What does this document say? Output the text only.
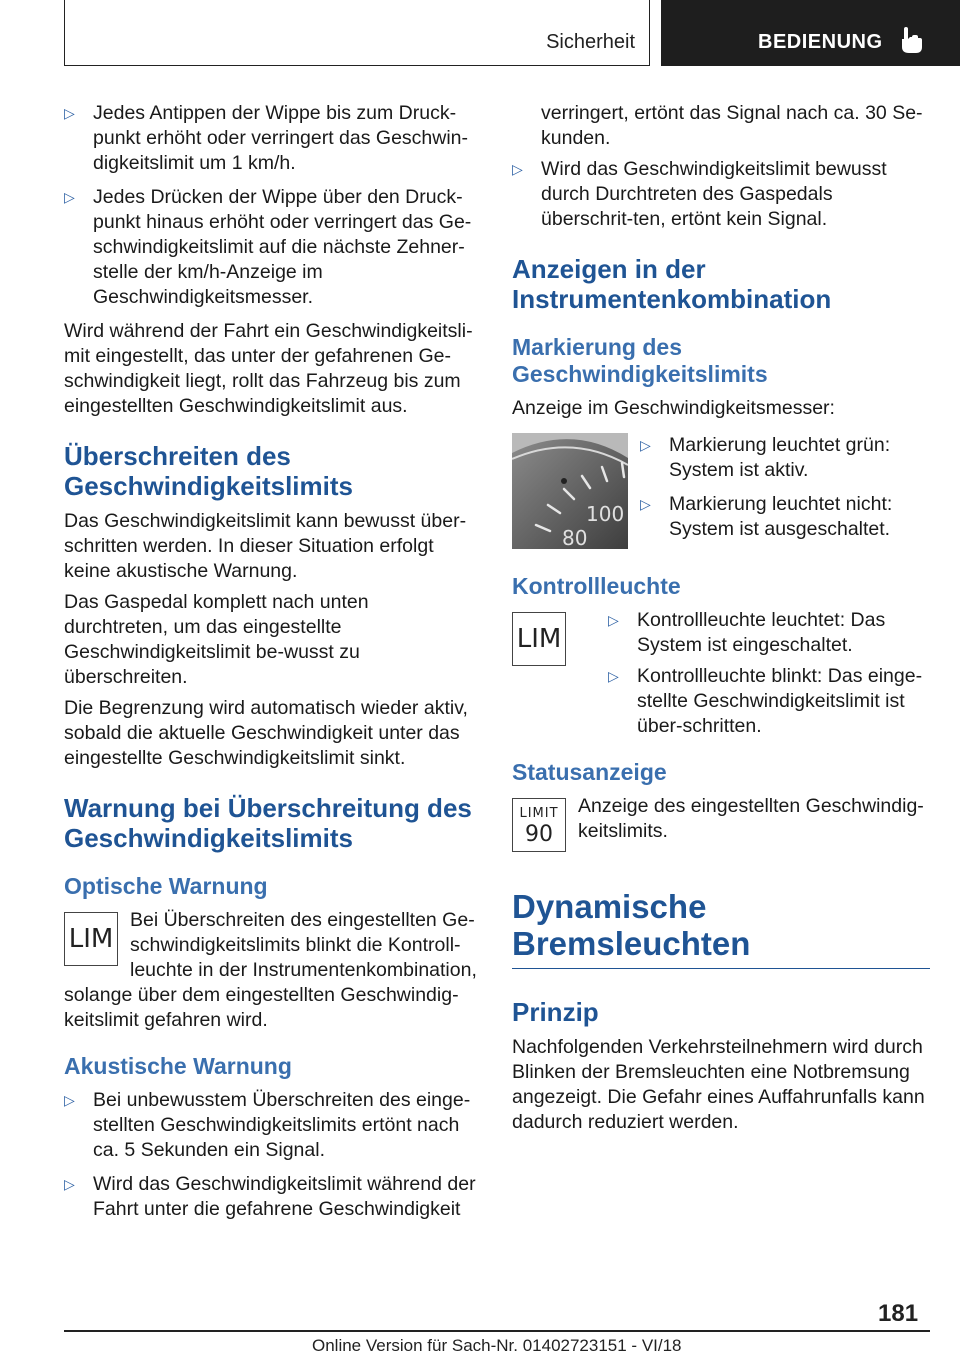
Sicherheit	BEDIENUNG
▷ Jedes Antippen der Wippe bis zum Druck-punkt erhöht oder verringert das Geschwin-digkeitslimit um 1 km/h.
▷ Jedes Drücken der Wippe über den Druck-punkt hinaus erhöht oder verringert das Ge-schwindigkeitslimit auf die nächste Zehner-stelle der km/h-Anzeige im Geschwindigkeitsmesser.

Wird während der Fahrt ein Geschwindigkeitsli-mit eingestellt, das unter der gefahrenen Ge-schwindigkeit liegt, rollt das Fahrzeug bis zum eingestellten Geschwindigkeitslimit aus.

Überschreiten des Geschwindigkeitslimits

Das Geschwindigkeitslimit kann bewusst über-schritten werden. In dieser Situation erfolgt keine akustische Warnung.

Das Gaspedal komplett nach unten durchtreten, um das eingestellte Geschwindigkeitslimit be-wusst zu überschreiten.

Die Begrenzung wird automatisch wieder aktiv, sobald die aktuelle Geschwindigkeit unter das eingestellte Geschwindigkeitslimit sinkt.

Warnung bei Überschreitung des Geschwindigkeitslimits
Optische Warnung
LIM

Bei Überschreiten des eingestellten Ge-schwindigkeitslimits blinkt die Kontroll-leuchte in der Instrumentenkombination,

solange über dem eingestellten Geschwindig-keitslimit gefahren wird.

Akustische Warnung
▷ Bei unbewusstem Überschreiten des einge-stellten Geschwindigkeitslimits ertönt nach ca. 5 Sekunden ein Signal.
▷ Wird das Geschwindigkeitslimit während der Fahrt unter die gefahrene Geschwindigkeit

verringert, ertönt das Signal nach ca. 30 Se-kunden.

▷ Wird das Geschwindigkeitslimit bewusst durch Durchtreten des Gaspedals überschrit-ten, ertönt kein Signal.
Anzeigen in der Instrumentenkombination
Markierung des Geschwindigkeitslimits

Anzeige im Geschwindigkeitsmesser:

100
80
▷ Markierung leuchtet grün: System ist aktiv.
▷ Markierung leuchtet nicht: System ist ausgeschaltet.
Kontrollleuchte
LIM
▷ Kontrollleuchte leuchtet: Das System ist eingeschaltet.
▷ Kontrollleuchte blinkt: Das einge-stellte Geschwindigkeitslimit ist über-schritten.
Statusanzeige
LIMIT
90

Anzeige des eingestellten Geschwindig-keitslimits.

Dynamische Bremsleuchten
Prinzip

Nachfolgenden Verkehrsteilnehmern wird durch Blinken der Bremsleuchten eine Notbremsung angezeigt. Die Gefahr eines Auffahrunfalls kann dadurch reduziert werden.

181
Online Version für Sach-Nr. 01402723151 - VI/18
